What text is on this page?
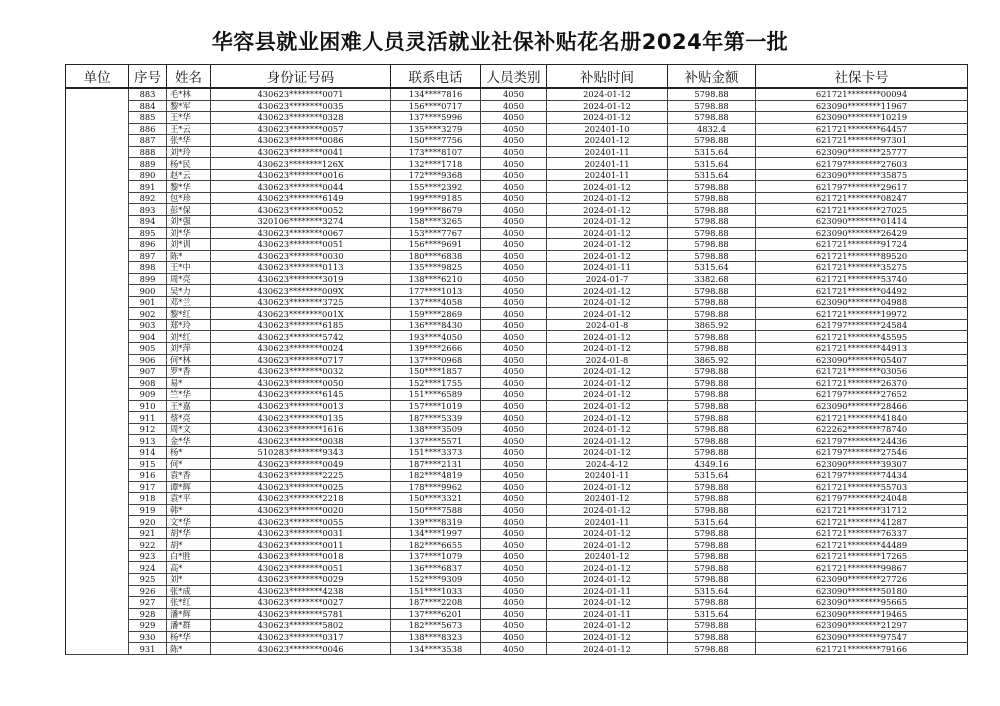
华容县就业困难人员灵活就业社保补贴花名册2024年第一批
单位	序号	姓名	身份证号码	联系电话	人员类别	补贴时间	补贴金额	社保卡号
	883	毛*林	430623********0071	134****7816	4050	2024-01-12	5798.88	621721********00094
	884	黎*军	430623********0035	156****0717	4050	2024-01-12	5798.88	623090********11967
	885	王*华	430623********0328	137****5996	4050	2024-01-12	5798.88	623090********10219
	886	王*云	430623********0057	135****3279	4050	202401-10	4832.4	621721********64457
	887	张*华	430623********0086	150****7756	4050	202401-12	5798.88	621721********97301
	888	刘*玲	430623********0041	173****8107	4050	202401-11	5315.64	623090********25777
	889	杨*民	430623********126X	132****1718	4050	202401-11	5315.64	621797********27603
	890	赵*云	430623********0016	172****9368	4050	202401-11	5315.64	623090********35875
	891	黎*华	430623********0044	155****2392	4050	2024-01-12	5798.88	621797********29617
	892	包*珍	430623********6149	199****9185	4050	2024-01-12	5798.88	621721********08247
	893	彭*保	430623********0052	199****8679	4050	2024-01-12	5798.88	621721********27025
	894	刘*强	320106********3274	158****3265	4050	2024-01-12	5798.88	623090********01414
	895	刘*华	430623********0067	153****7767	4050	2024-01-12	5798.88	623090********26429
	896	刘*训	430623********0051	156****9691	4050	2024-01-12	5798.88	621721********91724
	897	陈*	430623********0030	180****6838	4050	2024-01-12	5798.88	621721********89520
	898	王*中	430623********0113	135****9825	4050	2024-01-11	5315.64	621721********35275
	899	周*亮	430623********3019	138****6210	4050	2024-01-7	3382.68	621721********53740
	900	吴*力	430623********009X	177****1013	4050	2024-01-12	5798.88	621721********04492
	901	邓*兰	430623********3725	137****4058	4050	2024-01-12	5798.88	623090********04988
	902	黎*红	430623********001X	159****2869	4050	2024-01-12	5798.88	621721********19972
	903	郑*玲	430623********6185	136****8430	4050	2024-01-8	3865.92	621797********24584
	904	刘*红	430623********5742	193****4050	4050	2024-01-12	5798.88	621721********45595
	905	刘*萍	430623********0024	139****2666	4050	2024-01-12	5798.88	621721********44913
	906	何*林	430623********0717	137****0968	4050	2024-01-8	3865.92	623090********05407
	907	罗*香	430623********0032	150****1857	4050	2024-01-12	5798.88	621721********03056
	908	易*	430623********0050	152****1755	4050	2024-01-12	5798.88	621721********26370
	909	竺*华	430623********6145	151****6589	4050	2024-01-12	5798.88	621797********27652
	910	王*嘉	430623********0013	157****1019	4050	2024-01-12	5798.88	623090********28466
	911	蔡*亮	430623********0135	187****5339	4050	2024-01-12	5798.88	621721********41840
	912	周*文	430623********1616	138****3509	4050	2024-01-12	5798.88	622262********78740
	913	金*华	430623********0038	137****5571	4050	2024-01-12	5798.88	621797********24436
	914	杨*	510283********9343	151****3373	4050	2024-01-12	5798.88	621797********27546
	915	何*	430623********0049	187****2131	4050	2024-4-12	4349.16	623090********39307
	916	袁*香	430623********2225	182****4819	4050	202401-11	5315.64	621797********74434
	917	谭*辉	430623********0025	178****9962	4050	2024-01-12	5798.88	621721********55703
	918	袁*平	430623********2218	150****3321	4050	202401-12	5798.88	621797********24048
	919	韩*	430623********0020	150****7588	4050	2024-01-12	5798.88	621721********31712
	920	文*华	430623********0055	139****8319	4050	202401-11	5315.64	621721********41287
	921	胡*华	430623********0031	134****1997	4050	2024-01-12	5798.88	621721********76337
	922	胡*	430623********0011	182****6655	4050	2024-01-12	5798.88	621721********44489
	923	白*胜	430623********0018	137****1079	4050	202401-12	5798.88	621721********17265
	924	高*	430623********0051	136****6837	4050	2024-01-12	5798.88	621721********99867
	925	刘*	430623********0029	152****9309	4050	2024-01-12	5798.88	623090********27726
	926	张*成	430623********4238	151****1033	4050	2024-01-11	5315.64	623090********50180
	927	张*红	430623********0027	187****2208	4050	2024-01-12	5798.88	623090********95665
	928	潘*辉	430623********5781	137****6201	4050	2024-01-11	5315.64	623090********19465
	929	潘*群	430623********5802	182****5673	4050	2024-01-12	5798.88	623090********21297
	930	杨*华	430623********0317	138****8323	4050	2024-01-12	5798.88	623090********97547
	931	陈*	430623********0046	134****3538	4050	2024-01-12	5798.88	621721********79166
